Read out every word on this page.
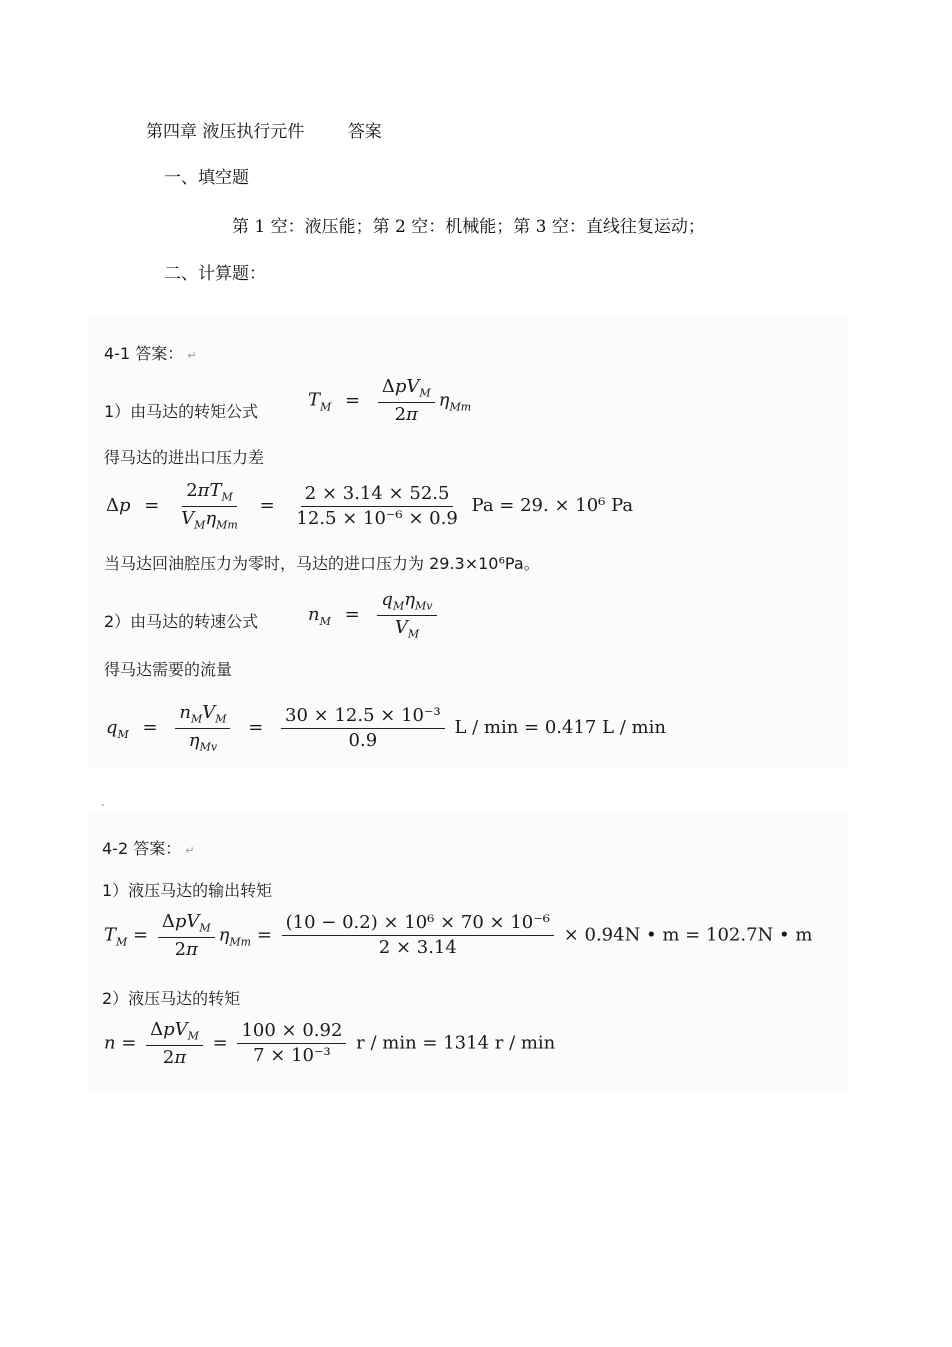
第四章 液压执行元件	答案
一、填空题
第 1 空：液压能；第 2 空：机械能；第 3 空：直线往复运动；
二、计算题：
4-1 答案： ↵
1）由马达的转矩公式
$T_M = \frac{\Delta pV_M}{2\pi} \eta_{Mm}$
得马达的进出口压力差
$\Delta p = \frac{2\pi T_M}{V_M\eta_{Mm}} = \frac{2 \times 3.14 \times 52.5}{\text{12.5 × 10⁻⁶ × 0.9}}$ Pa = 29. × 10⁶ Pa
当马达回油腔压力为零时，马达的进口压力为 29.3×10⁶Pa。
2）由马达的转速公式	$n_M = \frac{q_M\eta_{Mv}}{V_M}$
得马达需要的流量
$q_M = \frac{n_MV_M}{\eta_{Mv}} = \frac{\text{30 × 12.5 × 10⁻³}}{0.9}$ L / min = 0.417 L / min
-
4-2 答案： ↵
1）液压马达的输出转矩
$T_M = \frac{\Delta pV_M}{2\pi} \eta_{Mm} = \frac{\text{(10 − 0.2) × 10⁶ × 70 × 10⁻⁶}}{2 \times 3.14} \times 0.94N$ • m = 102.7N • m
2）液压马达的转矩
$n = \frac{\Delta pV_M}{2\pi} = \frac{100 \times 0.92}{\text{7 × 10⁻³}}$ r / min = 1314 r / min
